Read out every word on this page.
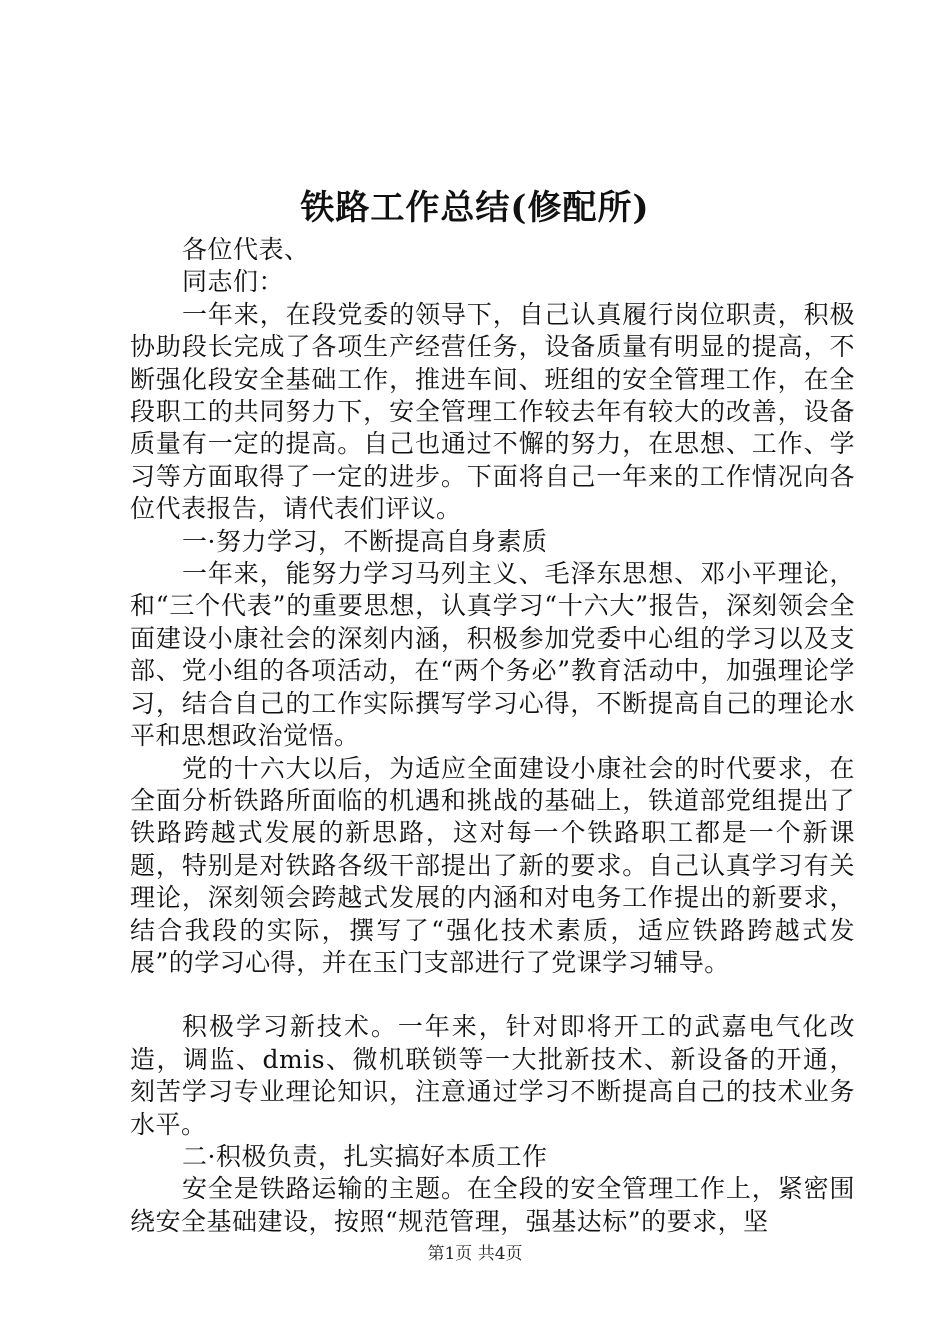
铁路工作总结(修配所)

各位代表、

同志们：

一年来，在段党委的领导下，自己认真履行岗位职责，积极协助段长完成了各项生产经营任务，设备质量有明显的提高，不断强化段安全基础工作，推进车间、班组的安全管理工作，在全段职工的共同努力下，安全管理工作较去年有较大的改善，设备质量有一定的提高。自己也通过不懈的努力，在思想、工作、学习等方面取得了一定的进步。下面将自己一年来的工作情况向各位代表报告，请代表们评议。

一·努力学习，不断提高自身素质

一年来，能努力学习马列主义、毛泽东思想、邓小平理论，和“三个代表”的重要思想，认真学习“十六大”报告，深刻领会全面建设小康社会的深刻内涵，积极参加党委中心组的学习以及支部、党小组的各项活动，在“两个务必”教育活动中，加强理论学习，结合自己的工作实际撰写学习心得，不断提高自己的理论水平和思想政治觉悟。

党的十六大以后，为适应全面建设小康社会的时代要求，在全面分析铁路所面临的机遇和挑战的基础上，铁道部党组提出了铁路跨越式发展的新思路，这对每一个铁路职工都是一个新课题，特别是对铁路各级干部提出了新的要求。自己认真学习有关理论，深刻领会跨越式发展的内涵和对电务工作提出的新要求，结合我段的实际，撰写了“强化技术素质，适应铁路跨越式发展”的学习心得，并在玉门支部进行了党课学习辅导。

积极学习新技术。一年来，针对即将开工的武嘉电气化改造，调监、dmis、微机联锁等一大批新技术、新设备的开通，刻苦学习专业理论知识，注意通过学习不断提高自己的技术业务水平。

二·积极负责，扎实搞好本质工作

安全是铁路运输的主题。在全段的安全管理工作上，紧密围绕安全基础建设，按照“规范管理，强基达标”的要求，坚

第1页 共4页
